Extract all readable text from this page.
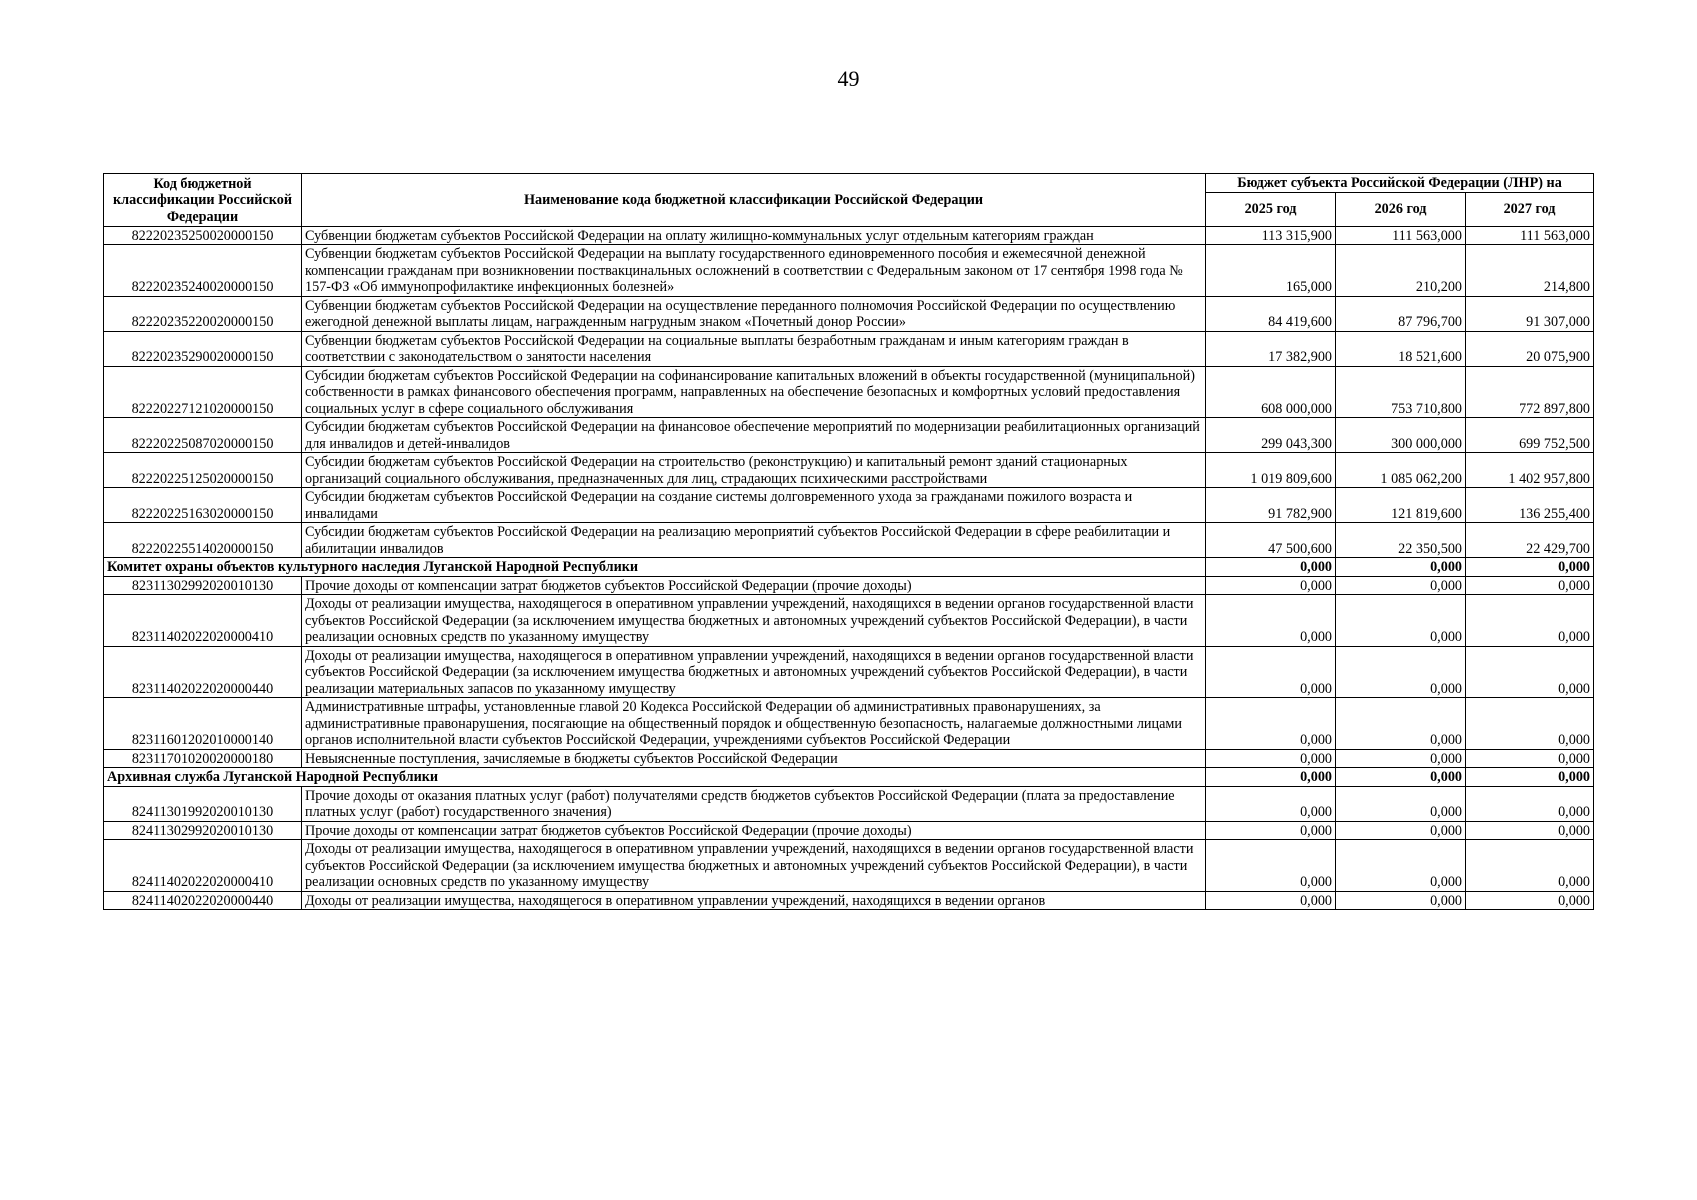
49
Код бюджетной классификации Российской Федерации	Наименование кода бюджетной классификации Российской Федерации	Бюджет субъекта Российской Федерации (ЛНР) на		
		2025 год	2026 год	2027 год
82220235250020000150	Субвенции бюджетам субъектов Российской Федерации на оплату жилищно-коммунальных услуг отдельным категориям граждан	113 315,900	111 563,000	111 563,000
82220235240020000150	Субвенции бюджетам субъектов Российской Федерации на выплату государственного единовременного пособия и ежемесячной денежной компенсации гражданам при возникновении поствакцинальных осложнений в соответствии с Федеральным законом от 17 сентября 1998 года № 157-ФЗ «Об иммунопрофилактике инфекционных болезней»	165,000	210,200	214,800
82220235220020000150	Субвенции бюджетам субъектов Российской Федерации на осуществление переданного полномочия Российской Федерации по осуществлению ежегодной денежной выплаты лицам, награжденным нагрудным знаком «Почетный донор России»	84 419,600	87 796,700	91 307,000
82220235290020000150	Субвенции бюджетам субъектов Российской Федерации на социальные выплаты безработным гражданам и иным категориям граждан в соответствии с законодательством о занятости населения	17 382,900	18 521,600	20 075,900
82220227121020000150	Субсидии бюджетам субъектов Российской Федерации на софинансирование капитальных вложений в объекты государственной (муниципальной) собственности в рамках финансового обеспечения программ, направленных на обеспечение безопасных и комфортных условий предоставления социальных услуг в сфере социального обслуживания	608 000,000	753 710,800	772 897,800
82220225087020000150	Субсидии бюджетам субъектов Российской Федерации на финансовое обеспечение мероприятий по модернизации реабилитационных организаций для инвалидов и детей-инвалидов	299 043,300	300 000,000	699 752,500
82220225125020000150	Субсидии бюджетам субъектов Российской Федерации на строительство (реконструкцию) и капитальный ремонт зданий стационарных организаций социального обслуживания, предназначенных для лиц, страдающих психическими расстройствами	1 019 809,600	1 085 062,200	1 402 957,800
82220225163020000150	Субсидии бюджетам субъектов Российской Федерации на создание системы долговременного ухода за гражданами пожилого возраста и инвалидами	91 782,900	121 819,600	136 255,400
82220225514020000150	Субсидии бюджетам субъектов Российской Федерации на реализацию мероприятий субъектов Российской Федерации в сфере реабилитации и абилитации инвалидов	47 500,600	22 350,500	22 429,700
Комитет охраны объектов культурного наследия Луганской Народной Республики		0,000	0,000	0,000
82311302992020010130	Прочие доходы от компенсации затрат бюджетов субъектов Российской Федерации (прочие доходы)	0,000	0,000	0,000
82311402022020000410	Доходы от реализации имущества, находящегося в оперативном управлении учреждений, находящихся в ведении органов государственной власти субъектов Российской Федерации (за исключением имущества бюджетных и автономных учреждений субъектов Российской Федерации), в части реализации основных средств по указанному имуществу	0,000	0,000	0,000
82311402022020000440	Доходы от реализации имущества, находящегося в оперативном управлении учреждений, находящихся в ведении органов государственной власти субъектов Российской Федерации (за исключением имущества бюджетных и автономных учреждений субъектов Российской Федерации), в части реализации материальных запасов по указанному имуществу	0,000	0,000	0,000
82311601202010000140	Административные штрафы, установленные главой 20 Кодекса Российской Федерации об административных правонарушениях, за административные правонарушения, посягающие на общественный порядок и общественную безопасность, налагаемые должностными лицами органов исполнительной власти субъектов Российской Федерации, учреждениями субъектов Российской Федерации	0,000	0,000	0,000
82311701020020000180	Невыясненные поступления, зачисляемые в бюджеты субъектов Российской Федерации	0,000	0,000	0,000
Архивная служба Луганской Народной Республики		0,000	0,000	0,000
82411301992020010130	Прочие доходы от оказания платных услуг (работ) получателями средств бюджетов субъектов Российской Федерации (плата за предоставление платных услуг (работ) государственного значения)	0,000	0,000	0,000
82411302992020010130	Прочие доходы от компенсации затрат бюджетов субъектов Российской Федерации (прочие доходы)	0,000	0,000	0,000
82411402022020000410	Доходы от реализации имущества, находящегося в оперативном управлении учреждений, находящихся в ведении органов государственной власти субъектов Российской Федерации (за исключением имущества бюджетных и автономных учреждений субъектов Российской Федерации), в части реализации основных средств по указанному имуществу	0,000	0,000	0,000
82411402022020000440	Доходы от реализации имущества, находящегося в оперативном управлении учреждений, находящихся в ведении органов	0,000	0,000	0,000
